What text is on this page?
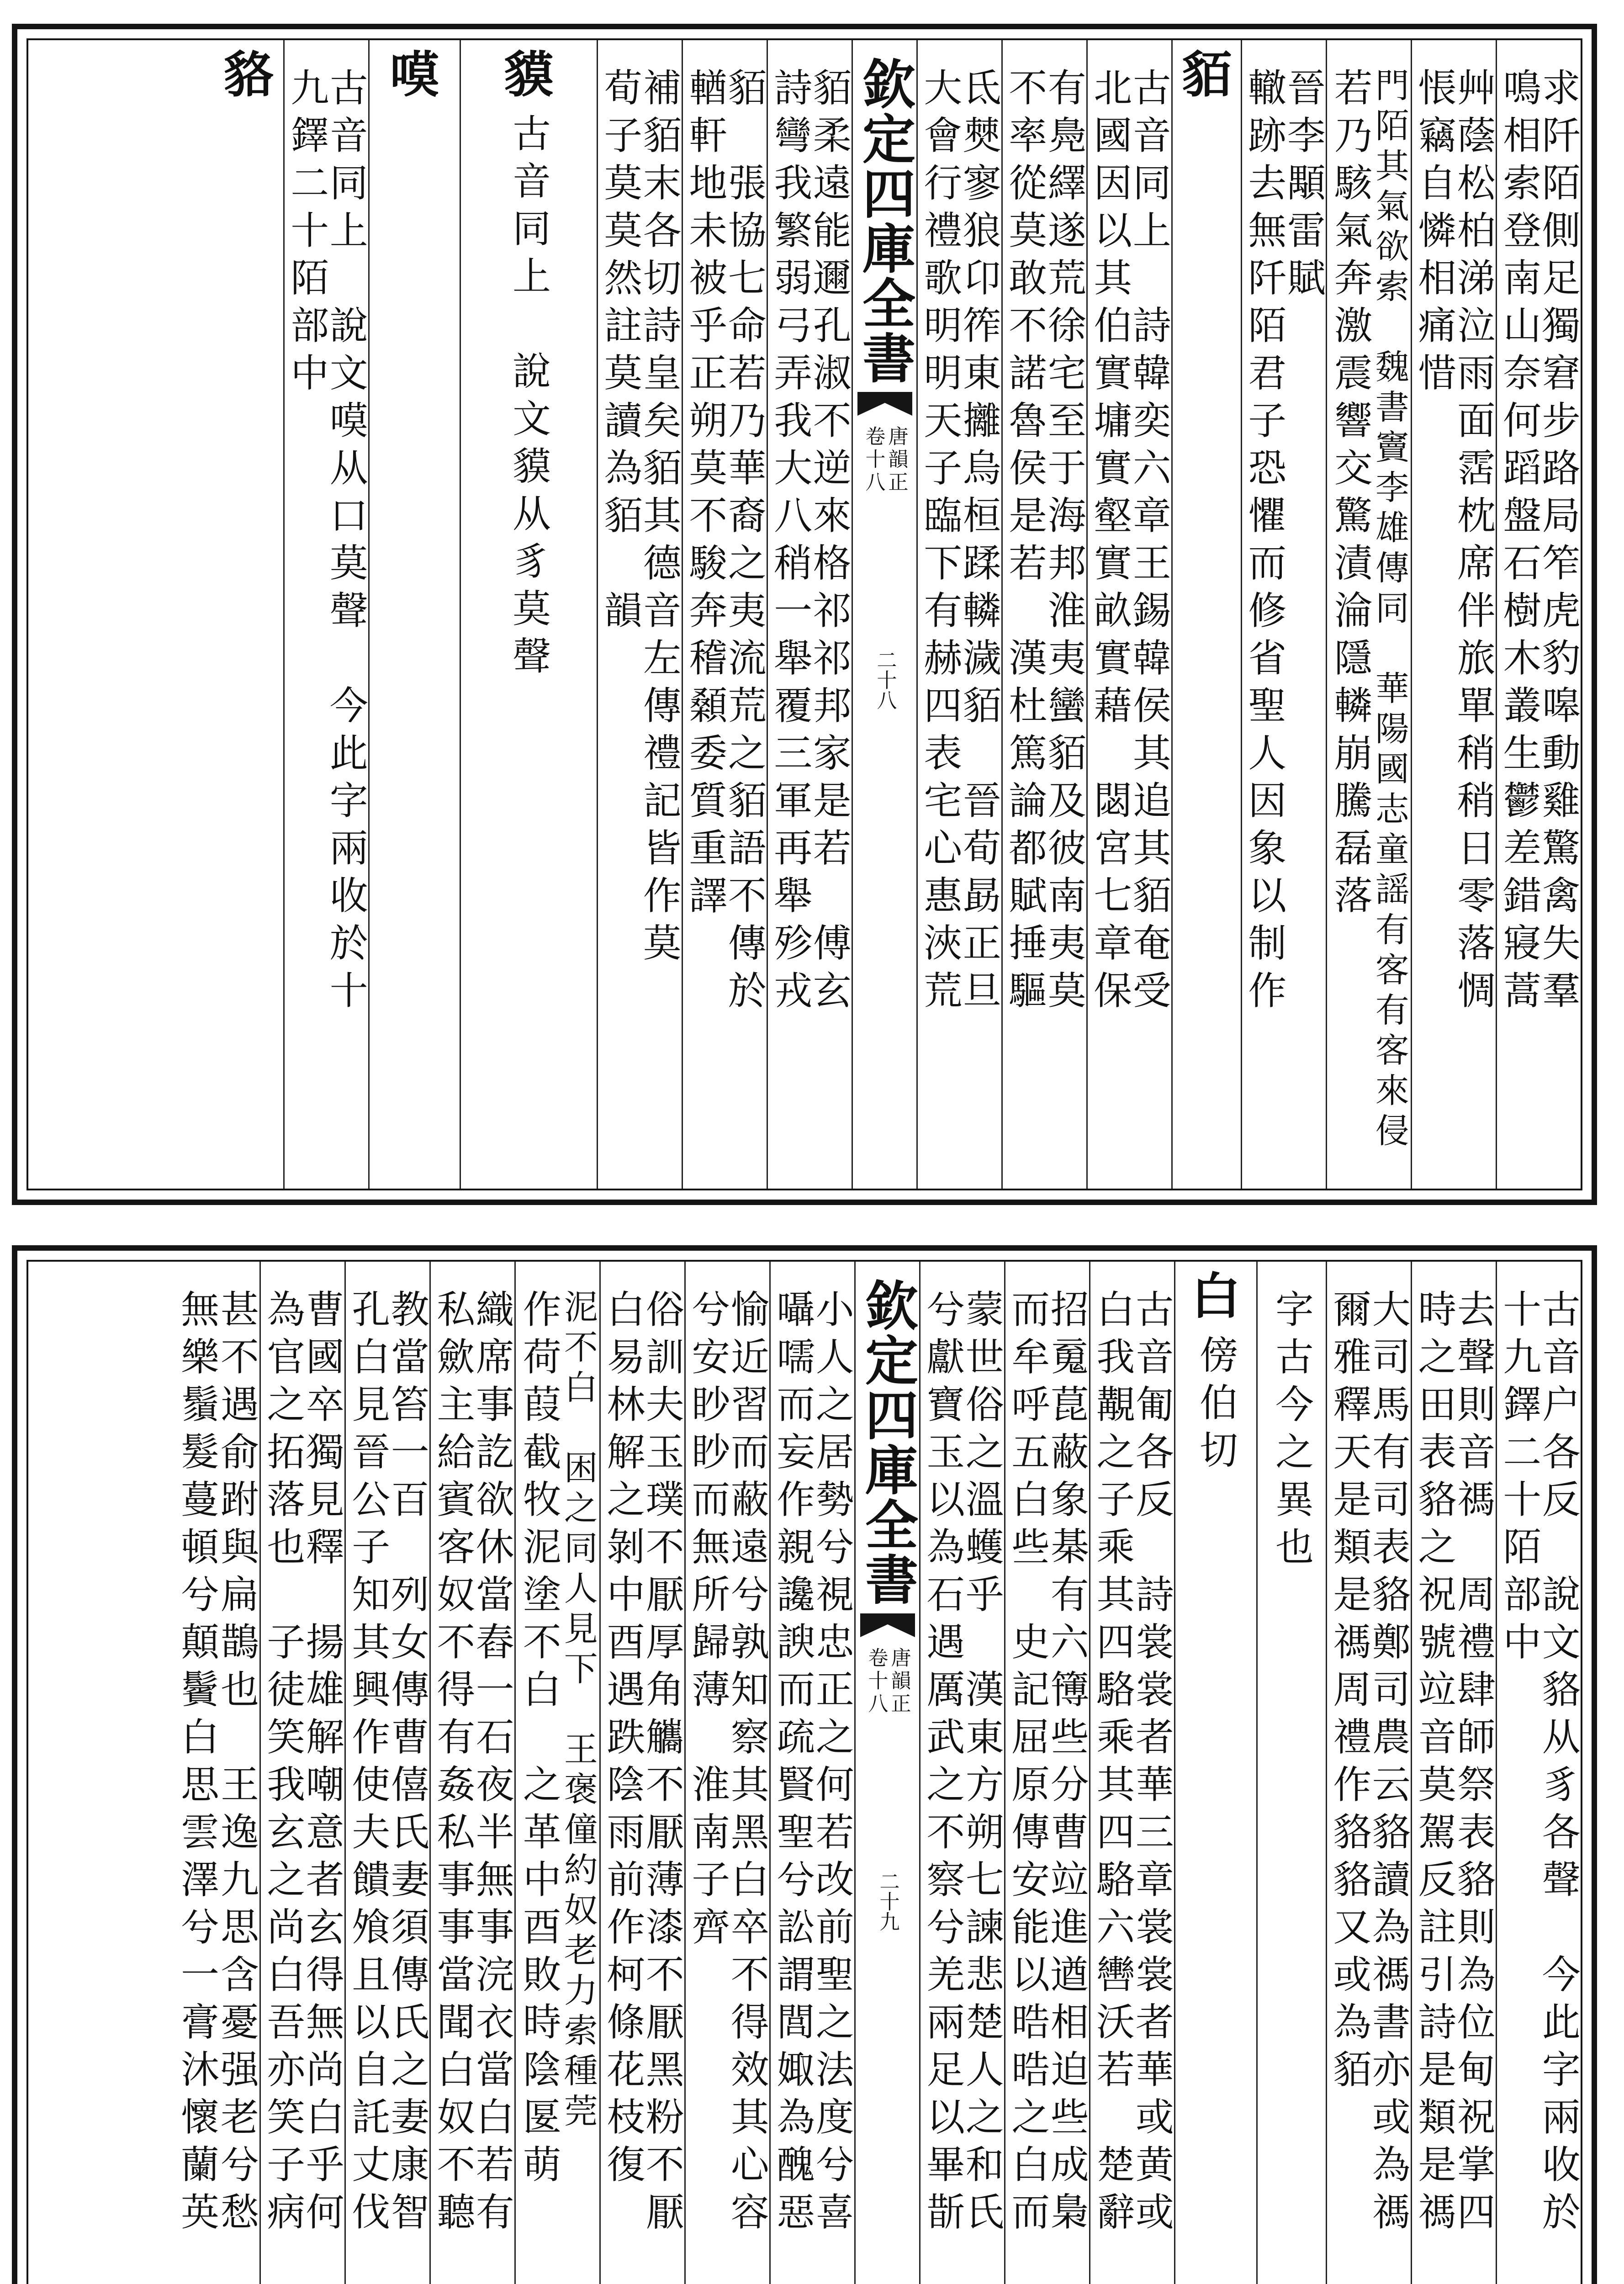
求阡陌側足獨窘步路局笮虎豹嗥動雞驚禽失羣
鳴相索登南山奈何蹈盤石樹木叢生鬱差錯寢蒿
艸蔭松柏涕泣雨面霑枕席伴旅單稍稍日零落惆
悵竊自憐相痛惜
門陌其氣欲索　魏書竇李雄傳同　華陽國志童謡有客有客來侵
若乃駭氣奔激震響交驚漬淪隱轔崩騰磊落
晉李顒雷賦
轍跡去無阡陌君子恐懼而修省聖人因象以制作
貊
古音同上　詩韓奕六章王錫韓侯其追其貊奄受
北國因以其伯實墉實壑實畝實藉　閟宮七章保
有鳧繹遂荒徐宅至于海邦淮夷蠻貊及彼南夷莫
不率從莫敢不諾魯侯是若　漢杜篤論都賦捶驅
氐僰寥狼卬筰東攡烏桓蹂轔濊貊　晉荀勗正旦
大會行禮歌明明天子臨下有赫四表宅心惠浹荒
欽定四庫全書
唐韻正
卷十八
二十八
貊柔遠能邇孔淑不逆來格祁祁邦家是若　傅玄
詩彎我繁弱弓弄我大八稍一舉覆三軍再舉殄戎
貊　張協七命若乃華裔之夷流荒之貊語不傳於
輶軒地未被乎正朔莫不駿奔稽顙委質重譯
補貊末各切詩皇矣貊其德音左傳禮記皆作莫
荀子莫莫然註莫讀為貊　韻
貘
古音同上　說文貘从豸莫聲
嗼
古音同上　說文嗼从口莫聲　今此字兩收於十
九鐸二十陌部中
貉
古音户各反　說文貉从豸各聲　今此字兩收於
十九鐸二十陌部中
去聲則音禡　周禮肆師祭表貉則為位甸祝掌四
時之田表貉之祝號竝音莫駕反註引詩是類是禡
大司馬有司表貉鄭司農云貉讀為禡書亦或為禡
爾雅釋天是類是禡周禮作貉貉又或為貊
字古今之異也
白
傍伯切
古音匍各反　詩裳裳者華三章裳裳者華或黄或
白我覯之子乘其四駱乘其四駱六轡沃若　楚辭
招䰟菎蔽象棊有六簙些分曹竝進遒相迫些成梟
而牟呼五白些　史記屈原傳安能以晧晧之白而
蒙世俗之溫蠖乎　漢東方朔七諫悲楚人之和氏
兮獻寶玉以為石遇厲武之不察兮羌兩足以畢斮
欽定四庫全書
唐韻正
卷十八
二十九
小人之居勢兮視忠正之何若改前聖之法度兮喜
囁嚅而妄作親讒諛而疏賢聖兮訟謂閭娵為醜惡
愉近習而蔽遠兮孰知察其黑白卒不得效其心容
兮安眇眇而無所歸薄　淮南子齊
俗訓夫玉璞不厭厚角觿不厭薄漆不厭黑粉不厭
白易林解之剝中酉遇跌陰雨前作柯條花枝復
泥不白　困之同人見下　王褒僮約奴老力索種莞
作荷葭截牧泥塗不白　之革中酉敗時陰匽萌
織席事訖欲休當舂一石夜半無事浣衣當白若有
私歛主給賓客奴不得有姦私事事當聞白奴不聽
教當笞一百　列女傳曹僖氏妻須傳氏之妻康智
孔白見晉公子知其興作使夫饋飧且以自託丈伐
曹國卒獨見釋　揚雄解嘲意者玄得無尚白乎何
為官之拓落也　子徒笑我玄之尚白吾亦笑子病
甚不遇俞跗與扁鵲也　王逸九思含憂强老兮愁
無樂鬚髮蔓頓兮顛鬢白思雲澤兮一膏沐懷蘭英
